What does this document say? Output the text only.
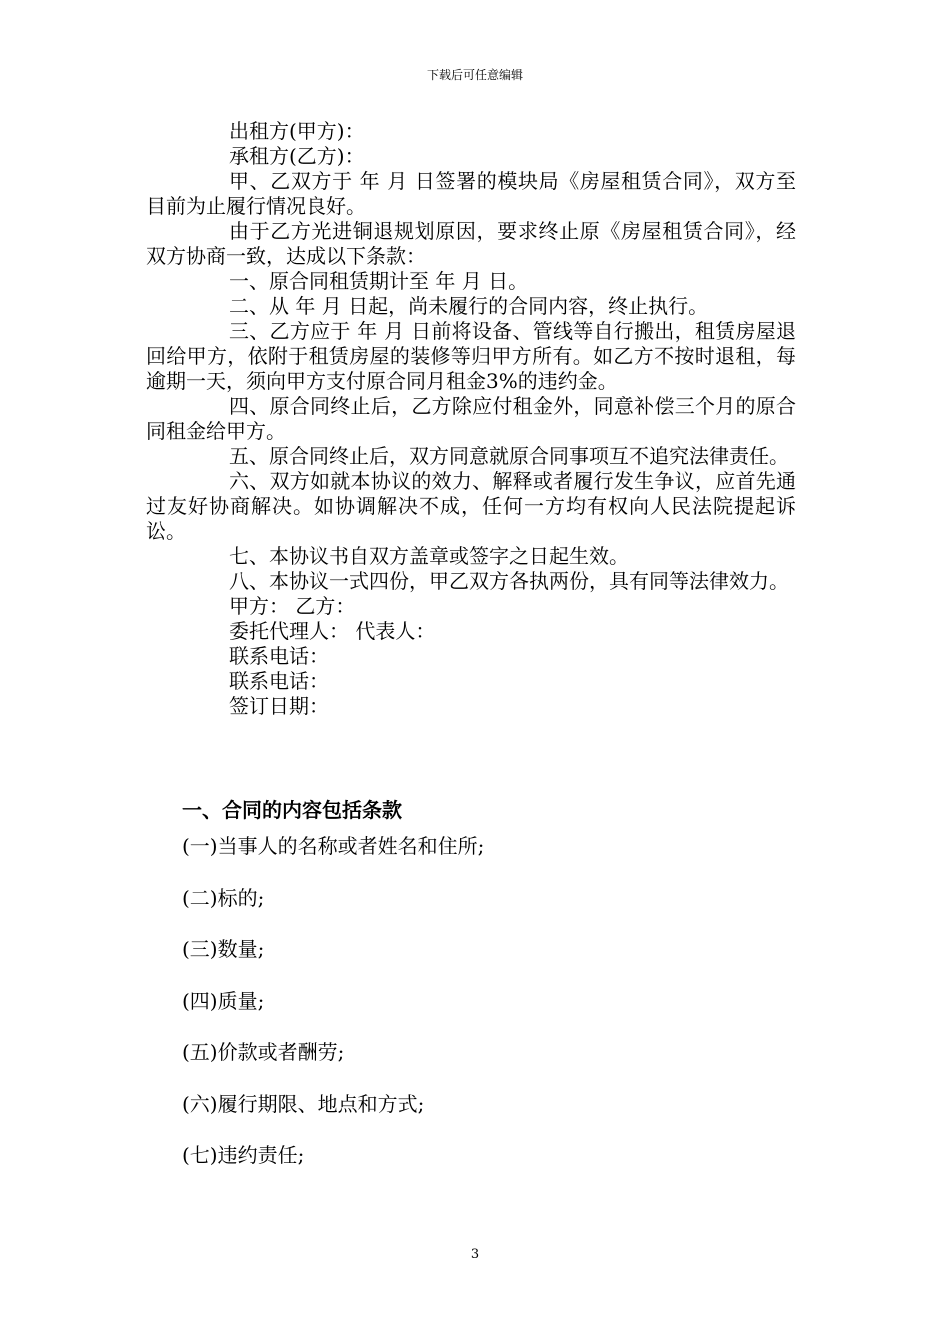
下载后可任意编辑

出租方(甲方)：

承租方(乙方)：

甲、乙双方于 年 月 日签署的模块局《房屋租赁合同》，双方至目前为止履行情况良好。

由于乙方光进铜退规划原因，要求终止原《房屋租赁合同》，经双方协商一致，达成以下条款：

一、原合同租赁期计至 年 月 日。

二、从 年 月 日起，尚未履行的合同内容，终止执行。

三、乙方应于 年 月 日前将设备、管线等自行搬出，租赁房屋退回给甲方，依附于租赁房屋的装修等归甲方所有。如乙方不按时退租，每逾期一天，须向甲方支付原合同月租金3%的违约金。

四、原合同终止后，乙方除应付租金外，同意补偿三个月的原合同租金给甲方。

五、原合同终止后，双方同意就原合同事项互不追究法律责任。

六、双方如就本协议的效力、解释或者履行发生争议，应首先通过友好协商解决。如协调解决不成，任何一方均有权向人民法院提起诉讼。

七、本协议书自双方盖章或签字之日起生效。

八、本协议一式四份，甲乙双方各执两份，具有同等法律效力。

甲方： 乙方：

委托代理人： 代表人：

联系电话：

联系电话：

签订日期：

一、合同的内容包括条款
(一)当事人的名称或者姓名和住所;
(二)标的;
(三)数量;
(四)质量;
(五)价款或者酬劳;
(六)履行期限、地点和方式;
(七)违约责任;
3
